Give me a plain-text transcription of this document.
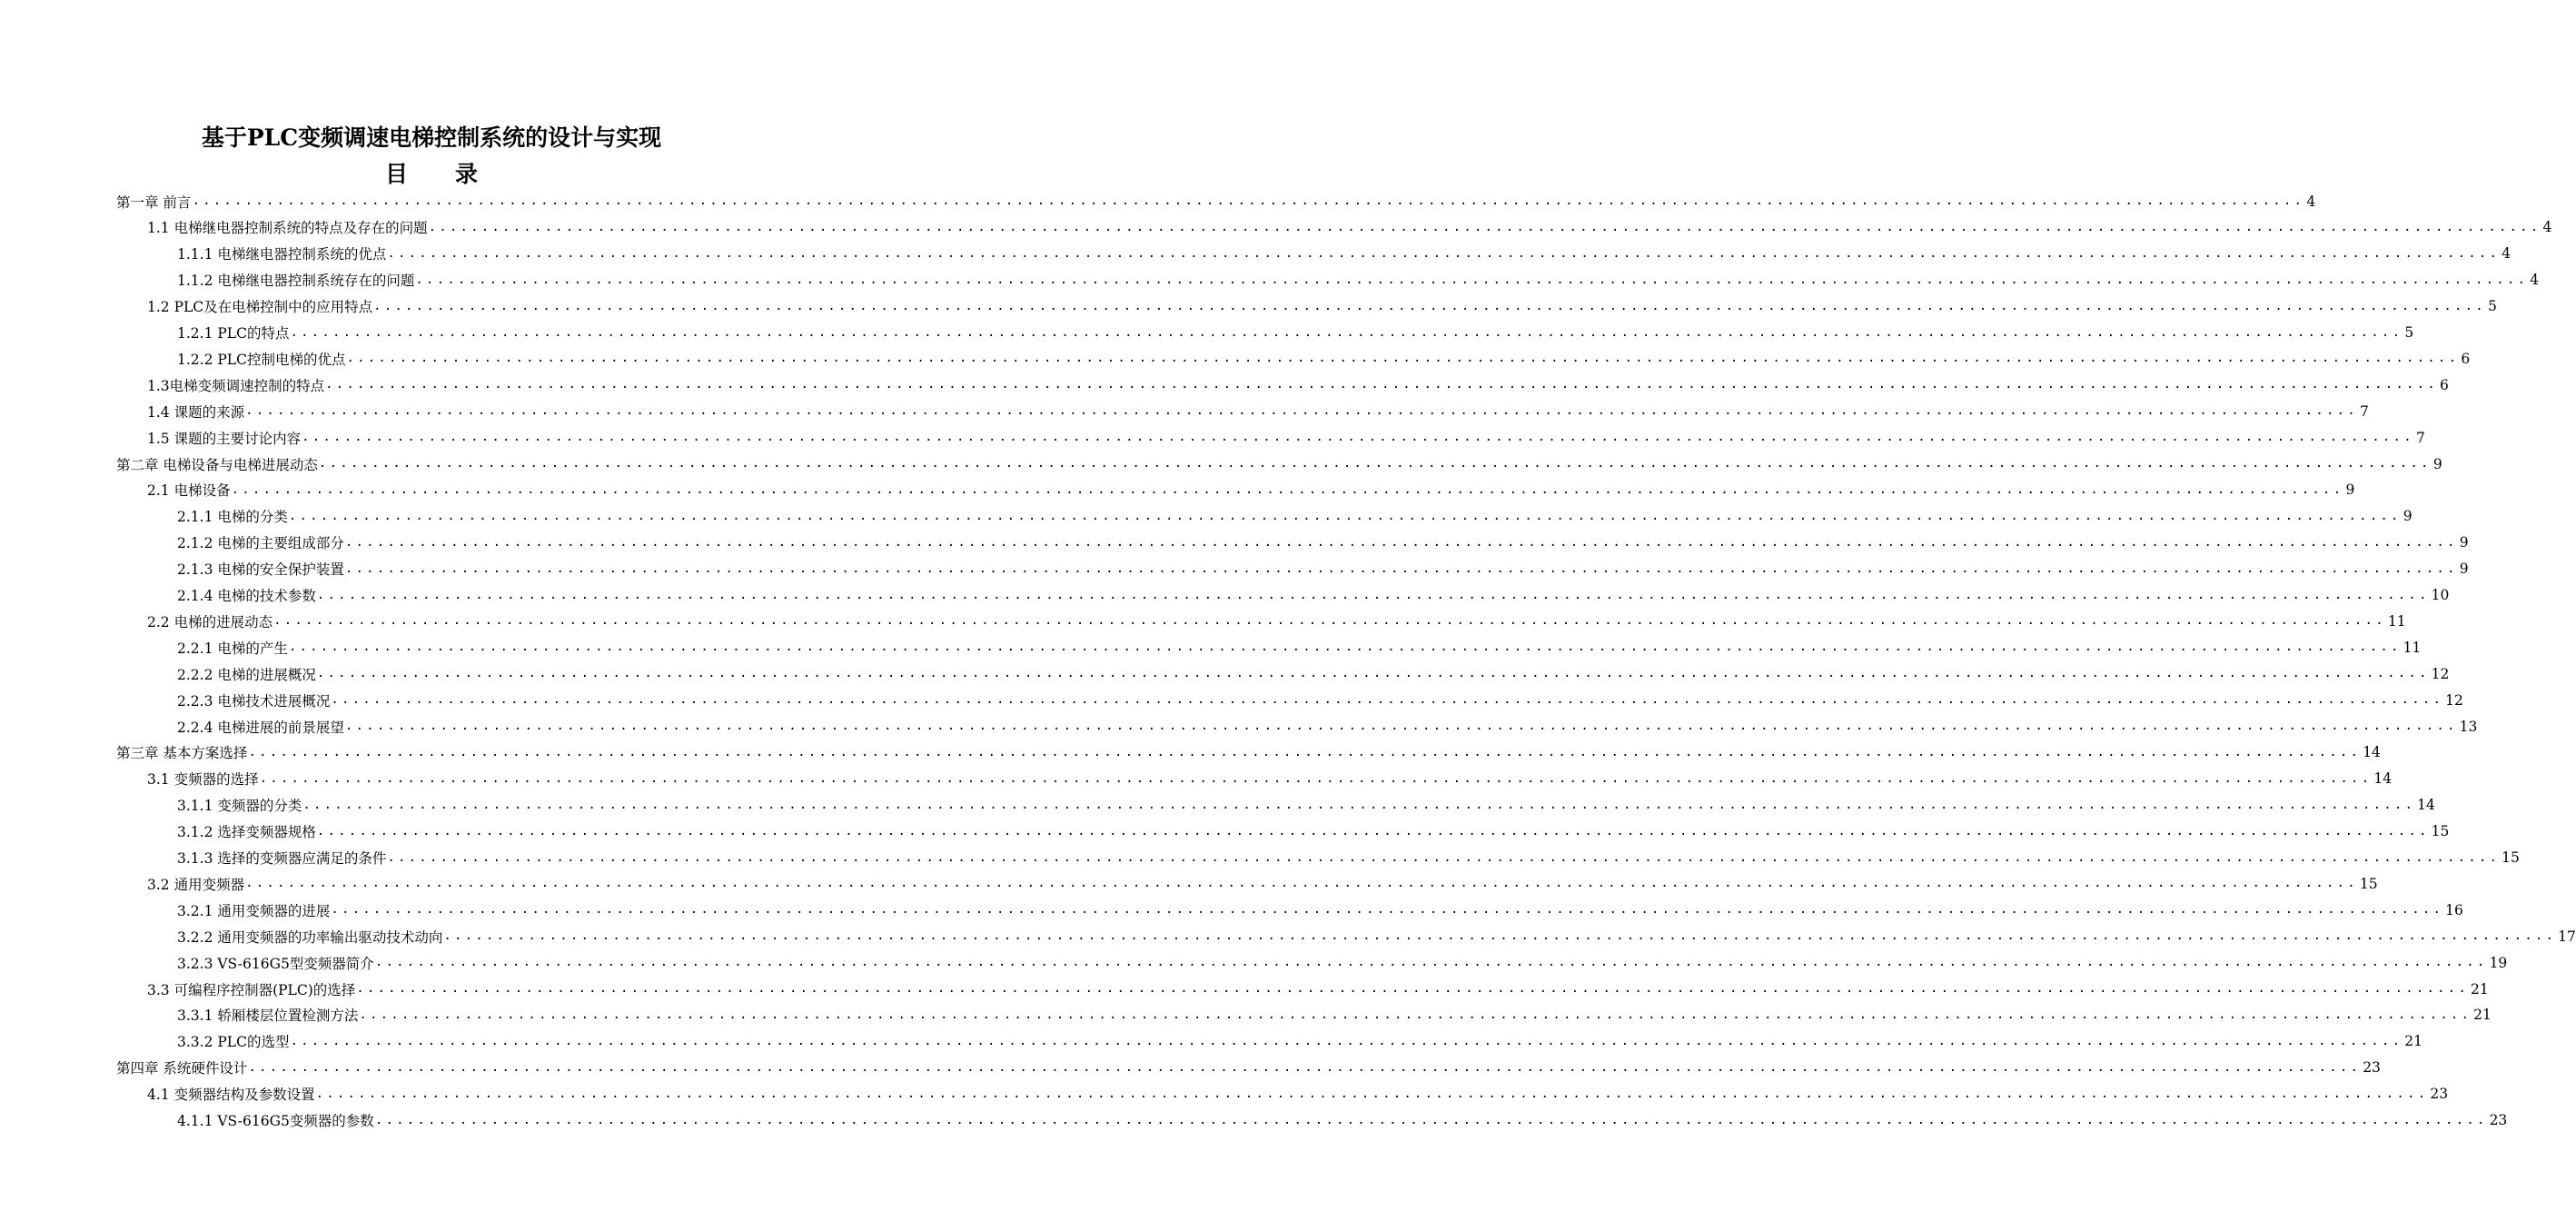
基于PLC变频调速电梯控制系统的设计与实现
目 录
第一章 前言 ........................................................................................................................................................................................................ 4
1.1 电梯继电器控制系统的特点及存在的问题 ........................................................................................................................................................................................................ 4
1.1.1 电梯继电器控制系统的优点 ........................................................................................................................................................................................................ 4
1.1.2 电梯继电器控制系统存在的问题 ........................................................................................................................................................................................................ 4
1.2 PLC及在电梯控制中的应用特点 ........................................................................................................................................................................................................ 5
1.2.1 PLC的特点 ........................................................................................................................................................................................................ 5
1.2.2 PLC控制电梯的优点 ........................................................................................................................................................................................................ 6
1.3电梯变频调速控制的特点 ........................................................................................................................................................................................................ 6
1.4 课题的来源 ........................................................................................................................................................................................................ 7
1.5 课题的主要讨论内容 ........................................................................................................................................................................................................ 7
第二章 电梯设备与电梯进展动态 ........................................................................................................................................................................................................ 9
2.1 电梯设备 ........................................................................................................................................................................................................ 9
2.1.1 电梯的分类 ........................................................................................................................................................................................................ 9
2.1.2 电梯的主要组成部分 ........................................................................................................................................................................................................ 9
2.1.3 电梯的安全保护装置 ........................................................................................................................................................................................................ 9
2.1.4 电梯的技术参数 ........................................................................................................................................................................................................ 10
2.2 电梯的进展动态 ........................................................................................................................................................................................................ 11
2.2.1 电梯的产生 ........................................................................................................................................................................................................ 11
2.2.2 电梯的进展概况 ........................................................................................................................................................................................................ 12
2.2.3 电梯技术进展概况 ........................................................................................................................................................................................................ 12
2.2.4 电梯进展的前景展望 ........................................................................................................................................................................................................ 13
第三章 基本方案选择 ........................................................................................................................................................................................................ 14
3.1 变频器的选择 ........................................................................................................................................................................................................ 14
3.1.1 变频器的分类 ........................................................................................................................................................................................................ 14
3.1.2 选择变频器规格 ........................................................................................................................................................................................................ 15
3.1.3 选择的变频器应满足的条件 ........................................................................................................................................................................................................ 15
3.2 通用变频器 ........................................................................................................................................................................................................ 15
3.2.1 通用变频器的进展 ........................................................................................................................................................................................................ 16
3.2.2 通用变频器的功率输出驱动技术动向 ........................................................................................................................................................................................................ 17
3.2.3 VS-616G5型变频器简介 ........................................................................................................................................................................................................ 19
3.3 可编程序控制器(PLC)的选择 ........................................................................................................................................................................................................ 21
3.3.1 轿厢楼层位置检测方法 ........................................................................................................................................................................................................ 21
3.3.2 PLC的选型 ........................................................................................................................................................................................................ 21
第四章 系统硬件设计 ........................................................................................................................................................................................................ 23
4.1 变频器结构及参数设置 ........................................................................................................................................................................................................ 23
4.1.1 VS-616G5变频器的参数 ........................................................................................................................................................................................................ 23
